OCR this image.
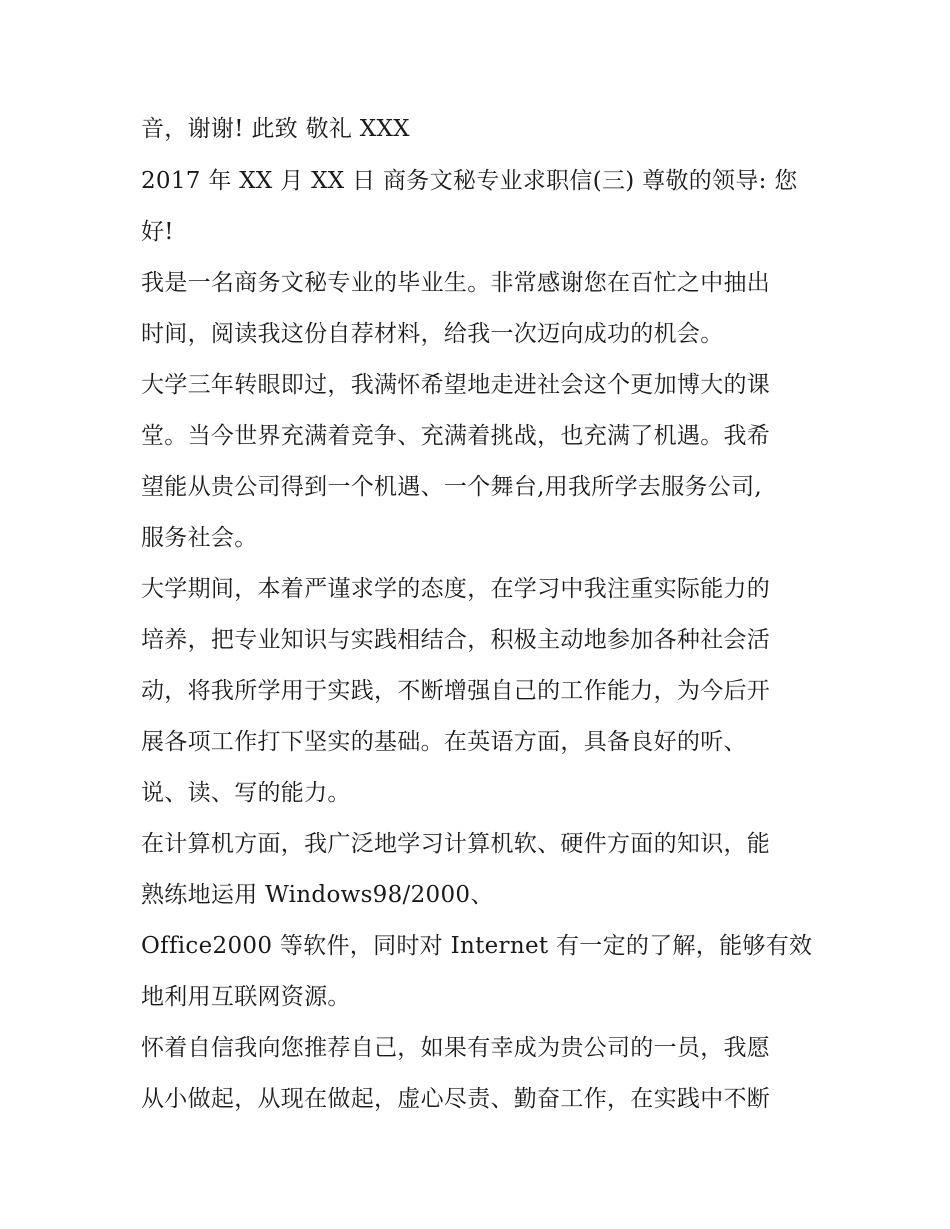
音，谢谢! 此致 敬礼 XXX
2017 年 XX 月 XX 日 商务文秘专业求职信(三) 尊敬的领导: 您
好!
我是一名商务文秘专业的毕业生。非常感谢您在百忙之中抽出
时间，阅读我这份自荐材料，给我一次迈向成功的机会。
大学三年转眼即过，我满怀希望地走进社会这个更加博大的课
堂。当今世界充满着竞争、充满着挑战，也充满了机遇。我希
望能从贵公司得到一个机遇、一个舞台,用我所学去服务公司,
服务社会。
大学期间，本着严谨求学的态度，在学习中我注重实际能力的
培养，把专业知识与实践相结合，积极主动地参加各种社会活
动，将我所学用于实践，不断增强自己的工作能力，为今后开
展各项工作打下坚实的基础。在英语方面，具备良好的听、
说、读、写的能力。
在计算机方面，我广泛地学习计算机软、硬件方面的知识，能
熟练地运用 Windows98/2000、
Office2000 等软件，同时对 Internet 有一定的了解，能够有效
地利用互联网资源。
怀着自信我向您推荐自己，如果有幸成为贵公司的一员，我愿
从小做起，从现在做起，虚心尽责、勤奋工作，在实践中不断
